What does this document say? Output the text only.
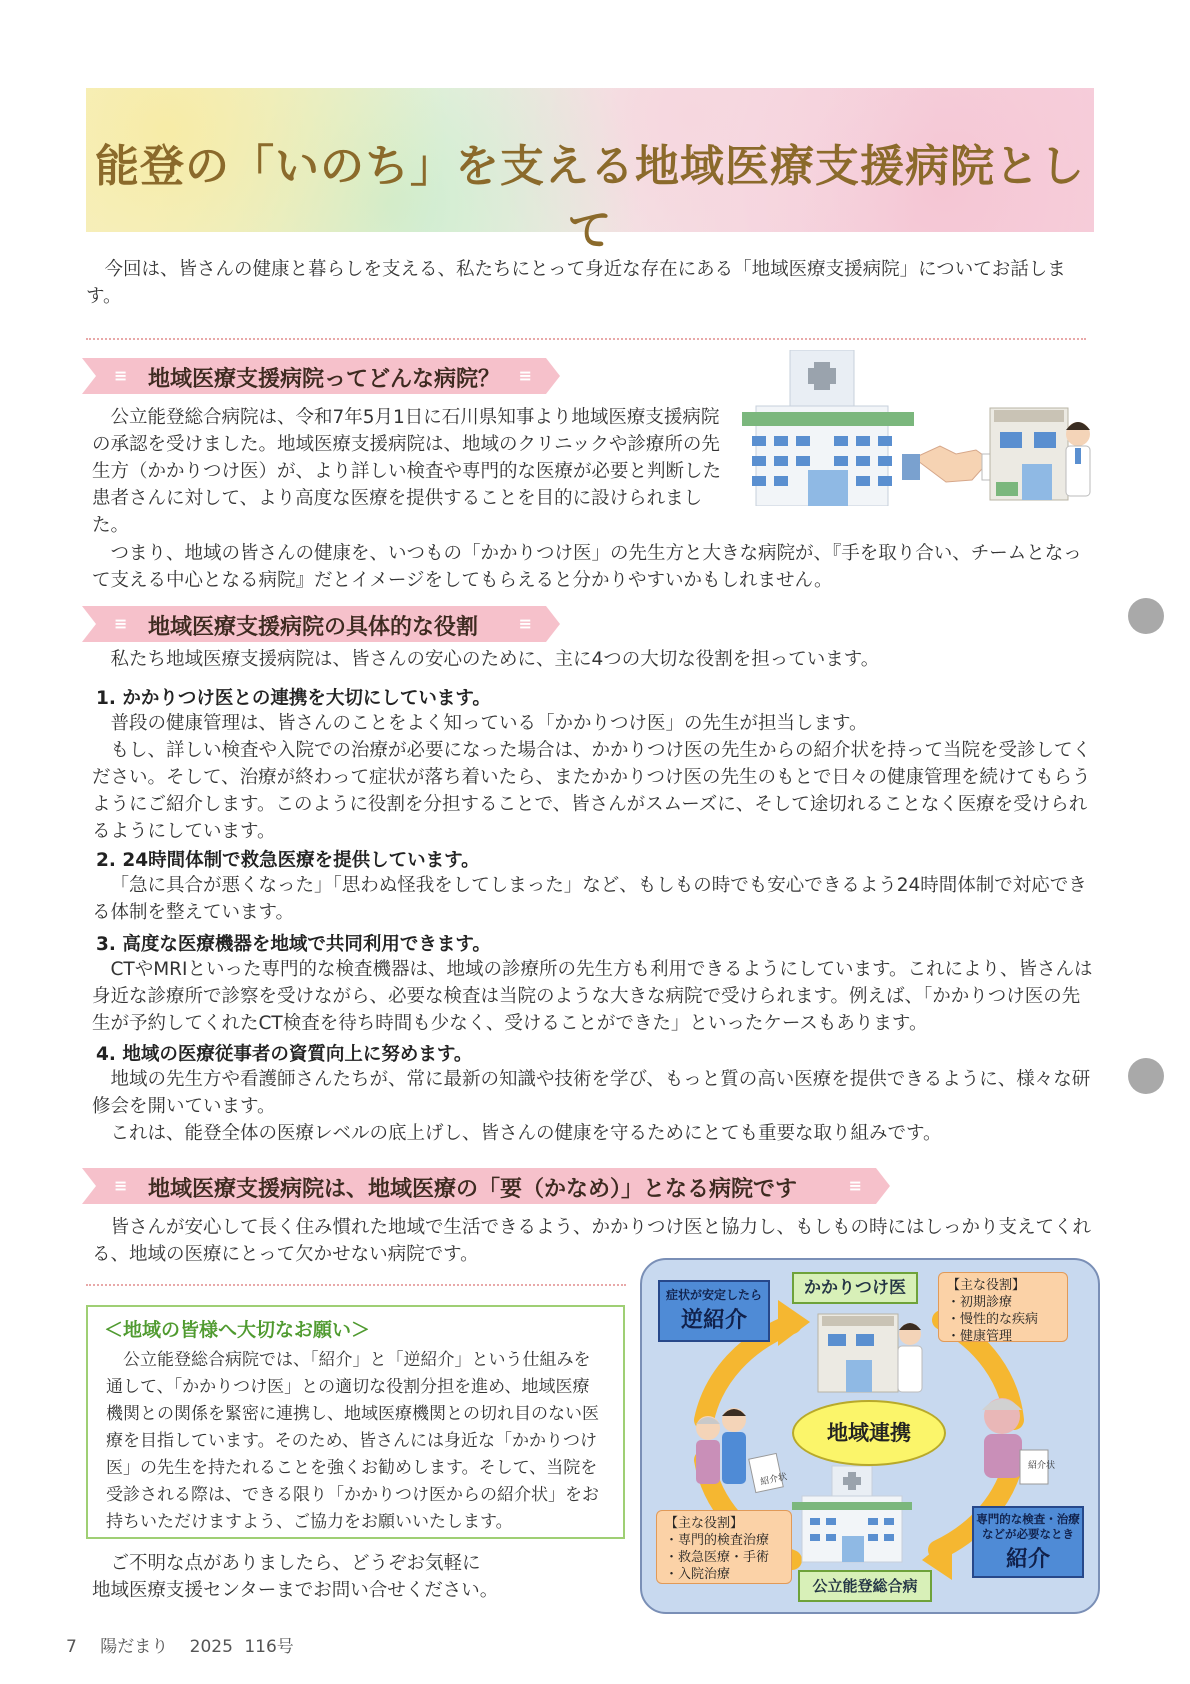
能登の「いのち」を支える地域医療支援病院として

今回は、皆さんの健康と暮らしを支える、私たちにとって身近な存在にある「地域医療支援病院」についてお話します。

≡ 地域医療支援病院ってどんな病院？ ≡

公立能登総合病院は、令和7年5月1日に石川県知事より地域医療支援病院の承認を受けました。地域医療支援病院は、地域のクリニックや診療所の先生方（かかりつけ医）が、より詳しい検査や専門的な医療が必要と判断した患者さんに対して、より高度な医療を提供することを目的に設けられました。

つまり、地域の皆さんの健康を、いつもの「かかりつけ医」の先生方と大きな病院が、『手を取り合い、チームとなって支える中心となる病院』だとイメージをしてもらえると分かりやすいかもしれません。

≡ 地域医療支援病院の具体的な役割	≡

私たち地域医療支援病院は、皆さんの安心のために、主に4つの大切な役割を担っています。

1. かかりつけ医との連携を大切にしています。

普段の健康管理は、皆さんのことをよく知っている「かかりつけ医」の先生が担当します。

もし、詳しい検査や入院での治療が必要になった場合は、かかりつけ医の先生からの紹介状を持って当院を受診してください。そして、治療が終わって症状が落ち着いたら、またかかりつけ医の先生のもとで日々の健康管理を続けてもらうようにご紹介します。このように役割を分担することで、皆さんがスムーズに、そして途切れることなく医療を受けられるようにしています。

2. 24時間体制で救急医療を提供しています。

「急に具合が悪くなった」「思わぬ怪我をしてしまった」など、もしもの時でも安心できるよう24時間体制で対応できる体制を整えています。

3. 高度な医療機器を地域で共同利用できます。

CTやMRIといった専門的な検査機器は、地域の診療所の先生方も利用できるようにしています。これにより、皆さんは身近な診療所で診察を受けながら、必要な検査は当院のような大きな病院で受けられます。例えば、「かかりつけ医の先生が予約してくれたCT検査を待ち時間も少なく、受けることができた」といったケースもあります。

4. 地域の医療従事者の資質向上に努めます。

地域の先生方や看護師さんたちが、常に最新の知識や技術を学び、もっと質の高い医療を提供できるように、様々な研修会を開いています。

これは、能登全体の医療レベルの底上げし、皆さんの健康を守るためにとても重要な取り組みです。

≡ 地域医療支援病院は、地域医療の「要（かなめ）」となる病院です	≡

皆さんが安心して長く住み慣れた地域で生活できるよう、かかりつけ医と協力し、もしもの時にはしっかり支えてくれる、地域の医療にとって欠かせない病院です。

＜地域の皆様へ大切なお願い＞

公立能登総合病院では、「紹介」と「逆紹介」という仕組みを通して、「かかりつけ医」との適切な役割分担を進め、地域医療機関との関係を緊密に連携し、地域医療機関との切れ目のない医療を目指しています。そのため、皆さんには身近な「かかりつけ医」の先生を持たれることを強くお勧めします。そして、当院を受診される際は、できる限り「かかりつけ医からの紹介状」をお持ちいただけますよう、ご協力をお願いいたします。

ご不明な点がありましたら、どうぞお気軽に

地域医療支援センターまでお問い合せください。

かかりつけ医	【主な役割】
・初期診療
・慢性的な疾病
・健康管理
症状が安定したら
逆紹介
地域連携
専門的な検査・治療などが必要なとき
紹介
【主な役割】
・専門的検査治療
・救急医療・手術
・入院治療
公立能登総合病
紹介状
紹介状
7 陽だまり 2025 116号
